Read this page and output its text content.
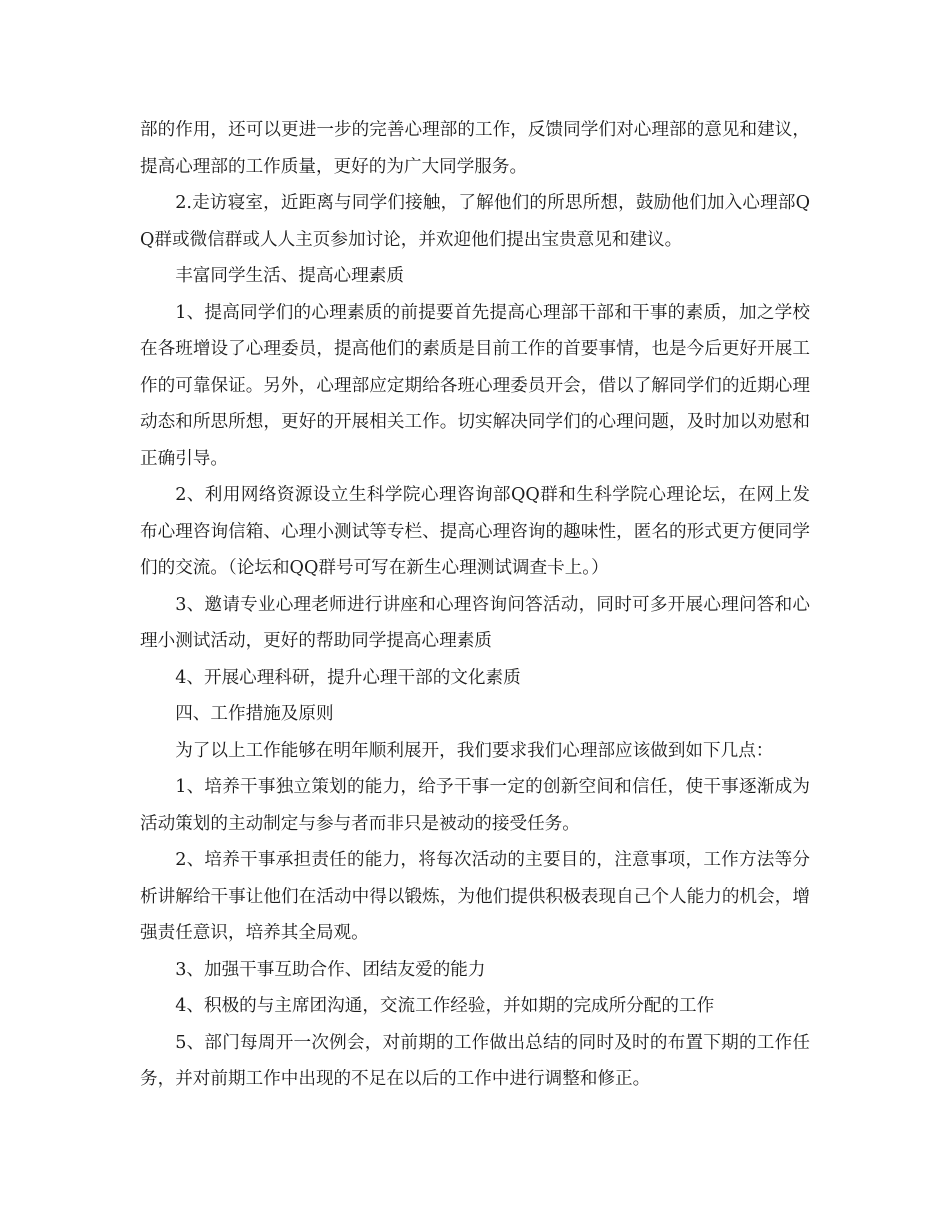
部的作用，还可以更进一步的完善心理部的工作，反馈同学们对心理部的意见和建议，提高心理部的工作质量，更好的为广大同学服务。

2.走访寝室，近距离与同学们接触，了解他们的所思所想，鼓励他们加入心理部QQ群或微信群或人人主页参加讨论，并欢迎他们提出宝贵意见和建议。

丰富同学生活、提高心理素质

1、提高同学们的心理素质的前提要首先提高心理部干部和干事的素质，加之学校在各班增设了心理委员，提高他们的素质是目前工作的首要事情，也是今后更好开展工作的可靠保证。另外，心理部应定期给各班心理委员开会，借以了解同学们的近期心理动态和所思所想，更好的开展相关工作。切实解决同学们的心理问题，及时加以劝慰和正确引导。

2、利用网络资源设立生科学院心理咨询部QQ群和生科学院心理论坛，在网上发布心理咨询信箱、心理小测试等专栏、提高心理咨询的趣味性，匿名的形式更方便同学们的交流。（论坛和QQ群号可写在新生心理测试调查卡上。）

3、邀请专业心理老师进行讲座和心理咨询问答活动，同时可多开展心理问答和心理小测试活动，更好的帮助同学提高心理素质

4、开展心理科研，提升心理干部的文化素质

四、工作措施及原则

为了以上工作能够在明年顺利展开，我们要求我们心理部应该做到如下几点：

1、培养干事独立策划的能力，给予干事一定的创新空间和信任，使干事逐渐成为活动策划的主动制定与参与者而非只是被动的接受任务。

2、培养干事承担责任的能力，将每次活动的主要目的，注意事项，工作方法等分析讲解给干事让他们在活动中得以锻炼，为他们提供积极表现自己个人能力的机会，增强责任意识，培养其全局观。

3、加强干事互助合作、团结友爱的能力

4、积极的与主席团沟通，交流工作经验，并如期的完成所分配的工作

5、部门每周开一次例会，对前期的工作做出总结的同时及时的布置下期的工作任务，并对前期工作中出现的不足在以后的工作中进行调整和修正。
